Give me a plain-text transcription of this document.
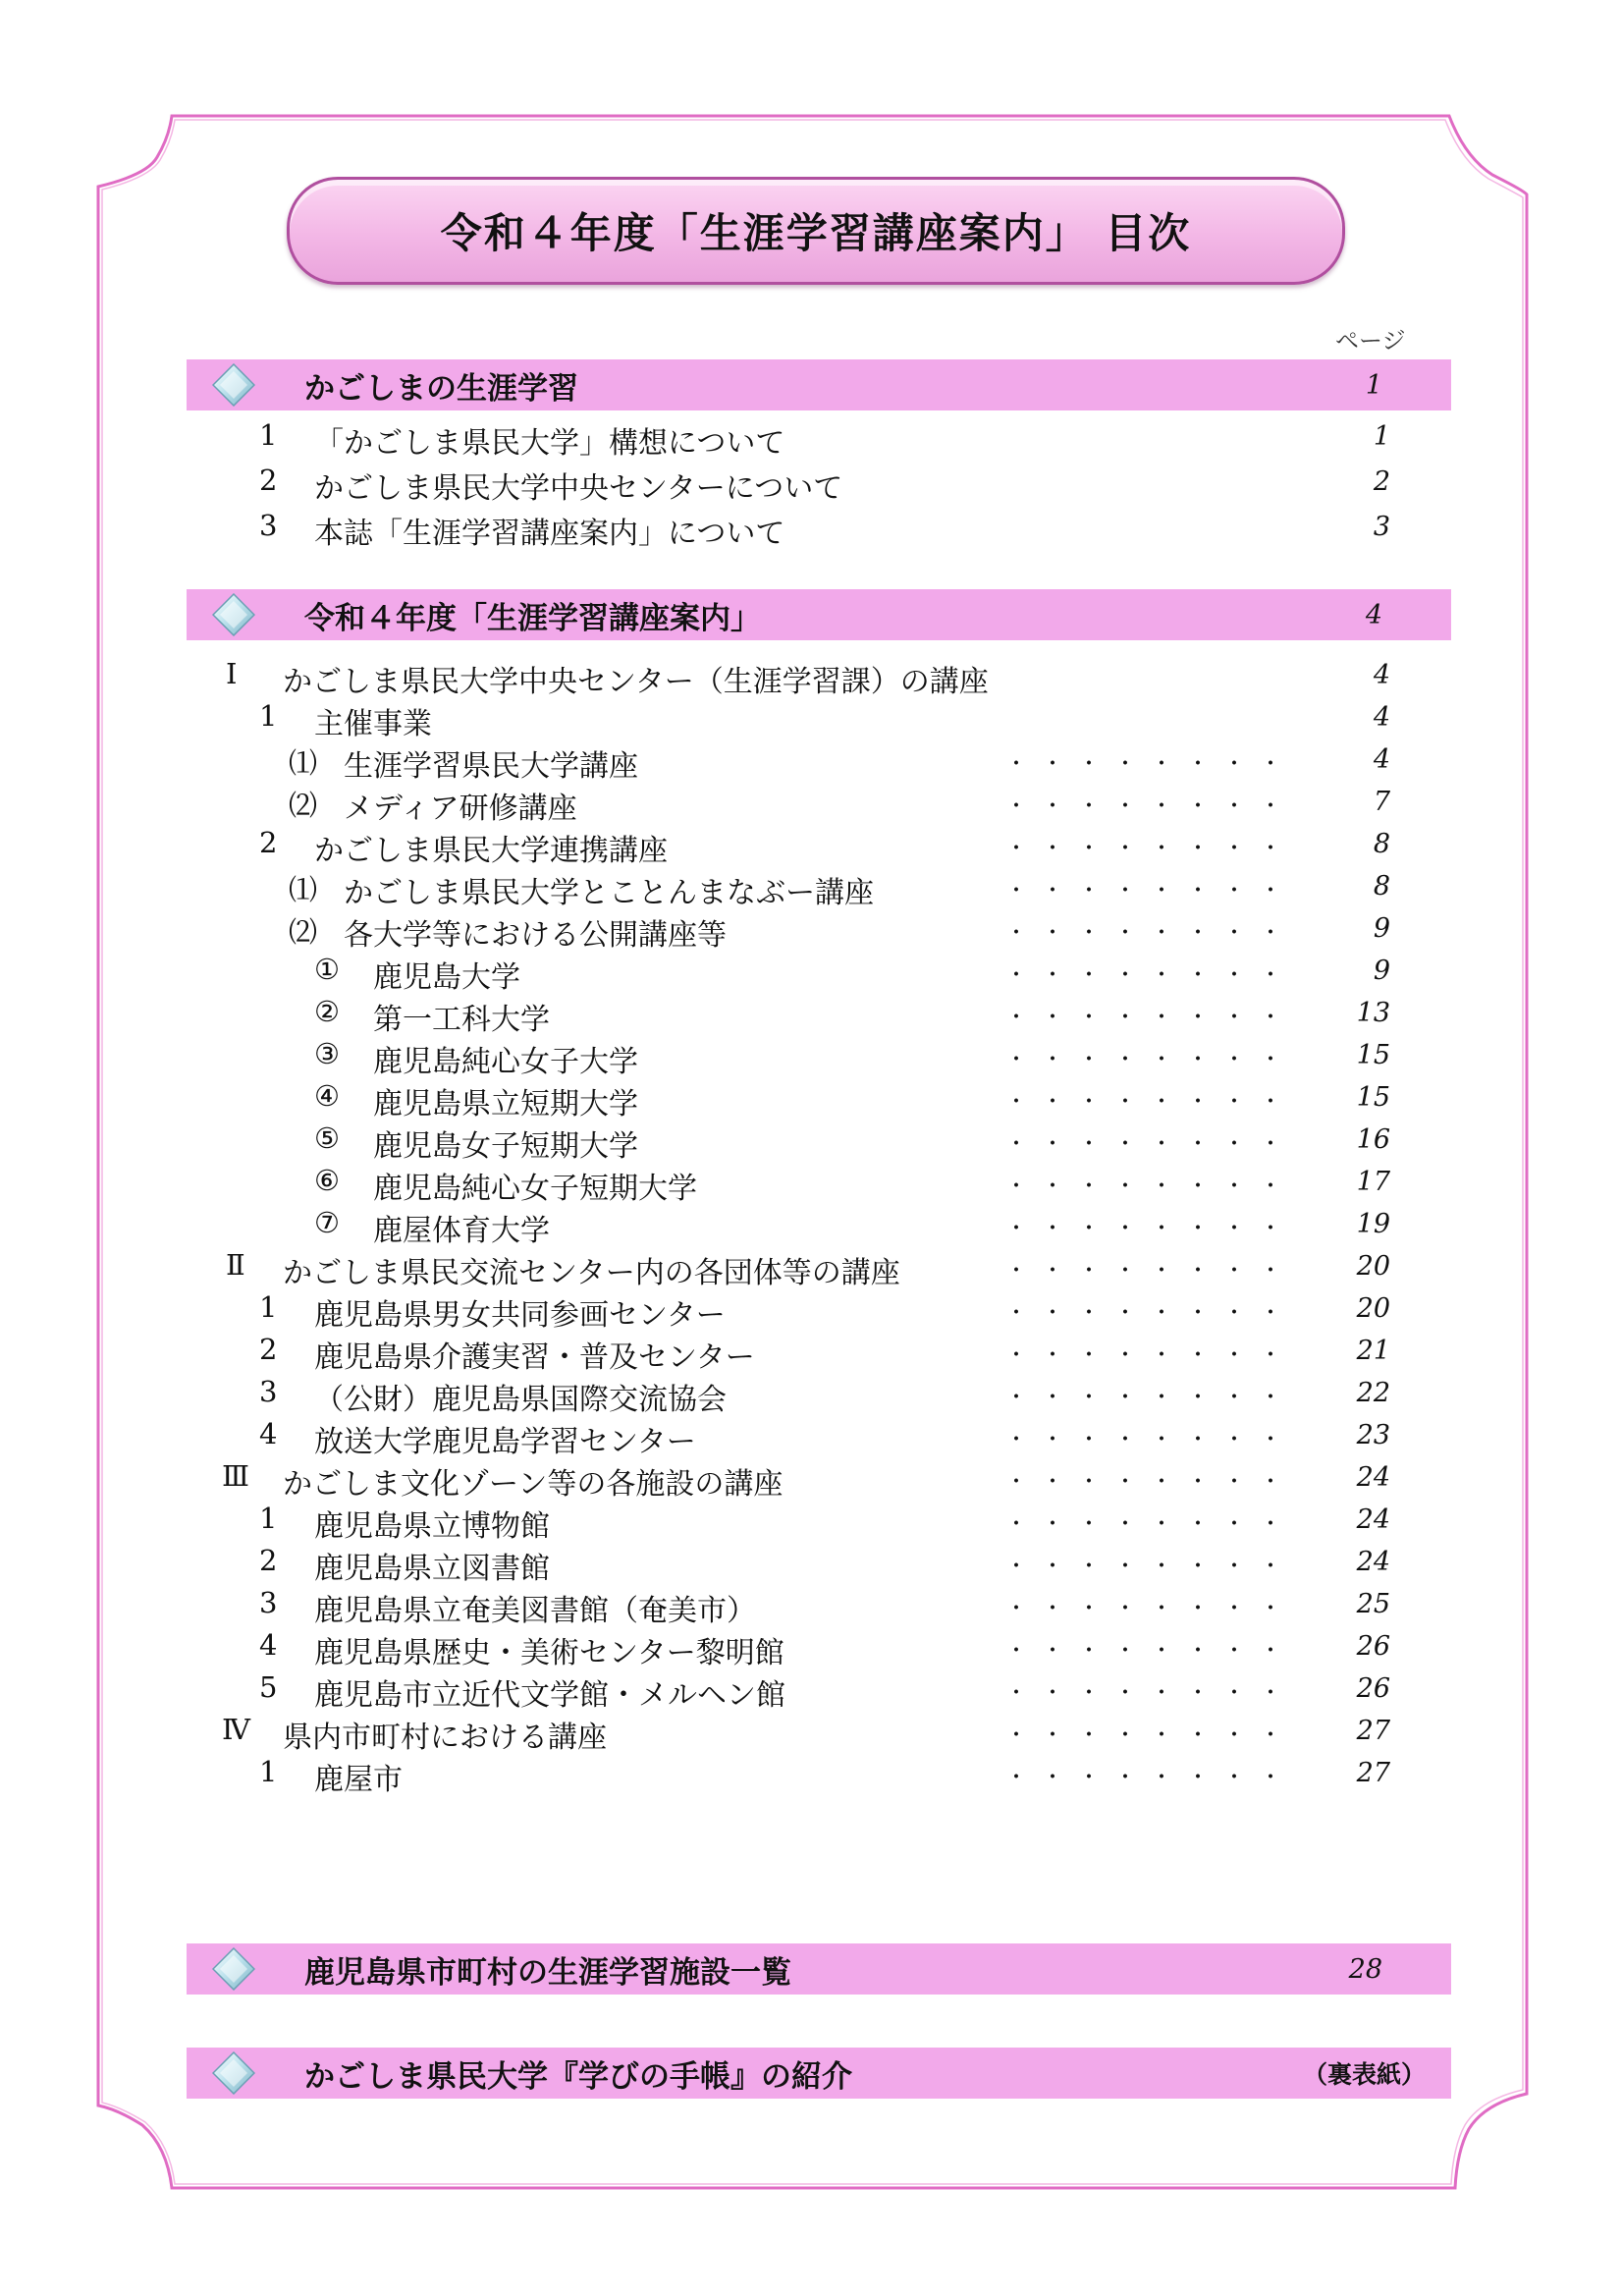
令和４年度「生涯学習講座案内」 目次
ページ
かごしまの生涯学習	1
1 「かごしま県民大学」構想について	1
2 かごしま県民大学中央センターについて	2
3 本誌「生涯学習講座案内」について	3
令和４年度「生涯学習講座案内」	4
Ⅰ かごしま県民大学中央センター（生涯学習課）の講座	4
1 主催事業	4
⑴ 生涯学習県民大学講座	・・・・・・・・	4
⑵ メディア研修講座	・・・・・・・・	7
2 かごしま県民大学連携講座	・・・・・・・・	8
⑴ かごしま県民大学とことんまなぶー講座	・・・・・・・・	8
⑵ 各大学等における公開講座等	・・・・・・・・	9
① 鹿児島大学	・・・・・・・・	9
② 第一工科大学	・・・・・・・・ 13
③ 鹿児島純心女子大学	・・・・・・・・ 15
④ 鹿児島県立短期大学	・・・・・・・・ 15
⑤ 鹿児島女子短期大学	・・・・・・・・ 16
⑥ 鹿児島純心女子短期大学	・・・・・・・・ 17
⑦ 鹿屋体育大学	・・・・・・・・ 19
Ⅱ かごしま県民交流センター内の各団体等の講座	・・・・・・・・ 20
1 鹿児島県男女共同参画センター	・・・・・・・・ 20
2 鹿児島県介護実習・普及センター	・・・・・・・・ 21
3 （公財）鹿児島県国際交流協会	・・・・・・・・ 22
4 放送大学鹿児島学習センター	・・・・・・・・ 23
Ⅲ かごしま文化ゾーン等の各施設の講座	・・・・・・・・ 24
1 鹿児島県立博物館	・・・・・・・・ 24
2 鹿児島県立図書館	・・・・・・・・ 24
3 鹿児島県立奄美図書館（奄美市）	・・・・・・・・ 25
4 鹿児島県歴史・美術センター黎明館	・・・・・・・・ 26
5 鹿児島市立近代文学館・メルヘン館	・・・・・・・・ 26
Ⅳ 県内市町村における講座	・・・・・・・・ 27
1 鹿屋市	・・・・・・・・ 27
鹿児島県市町村の生涯学習施設一覧	28
かごしま県民大学『学びの手帳』の紹介	（裏表紙）
